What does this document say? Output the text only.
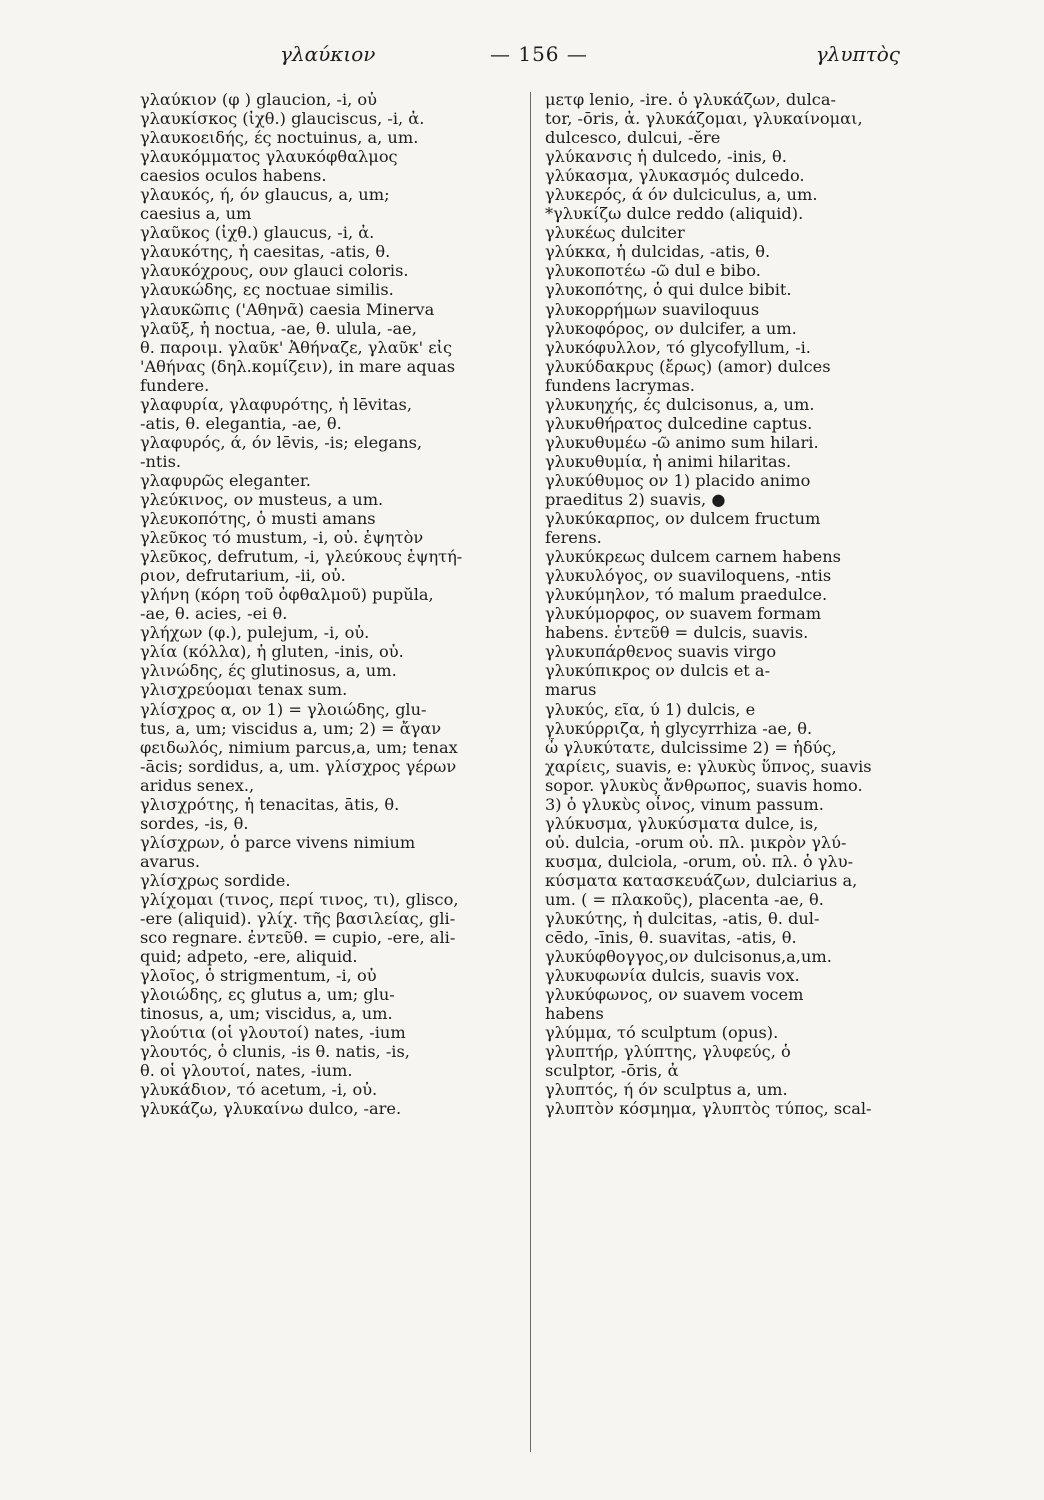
γλαύκιον	— 156 —	γλυπτὸς
γλαύκιον (φ ) glaucion, -i, οὐ
γλαυκίσκος (ἰχθ.) glauciscus, -i, ἀ.
γλαυκοειδής, ές noctuinus, a, um.
γλαυκόμματος γλαυκόφθαλμος
caesios oculos habens.
γλαυκός, ή, όν glaucus, a, um;
caesius a, um
γλαῦκος (ἰχθ.) glaucus, -i, ἀ.
γλαυκότης, ἡ caesitas, -atis, θ.
γλαυκόχρους, ουν glauci coloris.
γλαυκώδης, ες noctuae similis.
γλαυκῶπις ('Αθηνᾶ) caesia Minerva
γλαῦξ, ἡ noctua, -ae, θ. ulula, -ae,
θ. παροιμ. γλαῦκ' Ἀθήναζε, γλαῦκ' εἰς
'Αθήνας (δηλ.κομίζειν), in mare aquas
fundere.
γλαφυρία, γλαφυρότης, ἡ lēvitas,
-atis, θ. elegantia, -ae, θ.
γλαφυρός, ά, όν lēvis, -is; elegans,
-ntis.
γλαφυρῶς eleganter.
γλεύκινος, ον musteus, a um.
γλευκοπότης, ὁ musti amans
γλεῦκος τό mustum, -i, οὐ. ἑψητὸν
γλεῦκος, defrutum, -i, γλεύκους ἑψητή-
ριον, defrutarium, -ii, οὐ.
γλήνη (κόρη τοῦ ὀφθαλμοῦ) pupŭla,
-ae, θ. acies, -ei θ.
γλήχων (φ.), pulejum, -i, οὐ.
γλία (κόλλα), ἡ gluten, -inis, οὐ.
γλινώδης, ές glutinosus, a, um.
γλισχρεύομαι tenax sum.
γλίσχρος α, ον 1) = γλοιώδης, glu-
tus, a, um; viscidus a, um; 2) = ἄγαν
φειδωλός, nimium parcus,a, um; tenax
-ācis; sordidus, a, um. γλίσχρος γέρων
aridus senex.,
γλισχρότης, ἡ tenacitas, ātis, θ.
sordes, -is, θ.
γλίσχρων, ὁ parce vivens nimium
avarus.
γλίσχρως sordide.
γλίχομαι (τινος, περί τινος, τι), glisco,
-ere (aliquid). γλίχ. τῆς βασιλείας, gli-
sco regnare. ἐντεῦθ. = cupio, -ere, ali-
quid; adpeto, -ere, aliquid.
γλοῖος, ὁ strigmentum, -i, οὐ
γλοιώδης, ες glutus a, um; glu-
tinosus, a, um; viscidus, a, um.
γλούτια (οἱ γλουτοί) nates, -ium
γλουτός, ὁ clunis, -is θ. natis, -is,
θ. οἱ γλουτοί, nates, -ium.
γλυκάδιον, τό acetum, -i, οὐ.
γλυκάζω, γλυκαίνω dulco, -are.
μετφ lenio, -ire. ὁ γλυκάζων, dulca-
tor, -ōris, ἀ. γλυκάζομαι, γλυκαίνομαι,
dulcesco, dulcui, -ĕre
γλύκανσις ἡ dulcedo, -inis, θ.
γλύκασμα, γλυκασμός dulcedo.
γλυκερός, ά όν dulciculus, a, um.
*γλυκίζω dulce reddo (aliquid).
γλυκέως dulciter
γλύκκα, ἡ dulcidas, -atis, θ.
γλυκοποτέω -ῶ dul e bibo.
γλυκοπότης, ὁ qui dulce bibit.
γλυκορρήμων suaviloquus
γλυκοφόρος, ον dulcifer, a um.
γλυκόφυλλον, τό glycofyllum, -i.
γλυκύδακρυς (ἔρως) (amor) dulces
fundens lacrymas.
γλυκυηχής, ές dulcisonus, a, um.
γλυκυθήρατος dulcedine captus.
γλυκυθυμέω -ῶ animo sum hilari.
γλυκυθυμία, ἡ animi hilaritas.
γλυκύθυμος ον 1) placido animo
praeditus 2) suavis, ●
γλυκύκαρπος, ον dulcem fructum
ferens.
γλυκύκρεως dulcem carnem habens
γλυκυλόγος, ον suaviloquens, -ntis
γλυκύμηλον, τό malum praedulce.
γλυκύμορφος, ον suavem formam
habens. ἐντεῦθ = dulcis, suavis.
γλυκυπάρθενος suavis virgo
γλυκύπικρος ον dulcis et a-
marus
γλυκύς, εῖα, ύ 1) dulcis, e
γλυκύρριζα, ἡ glycyrrhiza -ae, θ.
ὦ γλυκύτατε, dulcissime 2) = ἡδύς,
χαρίεις, suavis, e: γλυκὺς ὕπνος, suavis
sopor. γλυκὺς ἄνθρωπος, suavis homo.
3) ὁ γλυκὺς οἶνος, vinum passum.
γλύκυσμα, γλυκύσματα dulce, is,
οὐ. dulcia, -orum οὐ. πλ. μικρὸν γλύ-
κυσμα, dulciola, -orum, οὐ. πλ. ὁ γλυ-
κύσματα κατασκευάζων, dulciarius a,
um. ( = πλακοῦς), placenta -ae, θ.
γλυκύτης, ἡ dulcitas, -atis, θ. dul-
cēdo, -īnis, θ. suavitas, -atis, θ.
γλυκύφθογγος,ον dulcisonus,a,um.
γλυκυφωνία dulcis, suavis vox.
γλυκύφωνος, ον suavem vocem
habens
γλύμμα, τό sculptum (opus).
γλυπτήρ, γλύπτης, γλυφεύς, ὁ
sculptor, -ōris, ἀ
γλυπτός, ή όν sculptus a, um.
γλυπτὸν κόσμημα, γλυπτὸς τύπος, scal-
